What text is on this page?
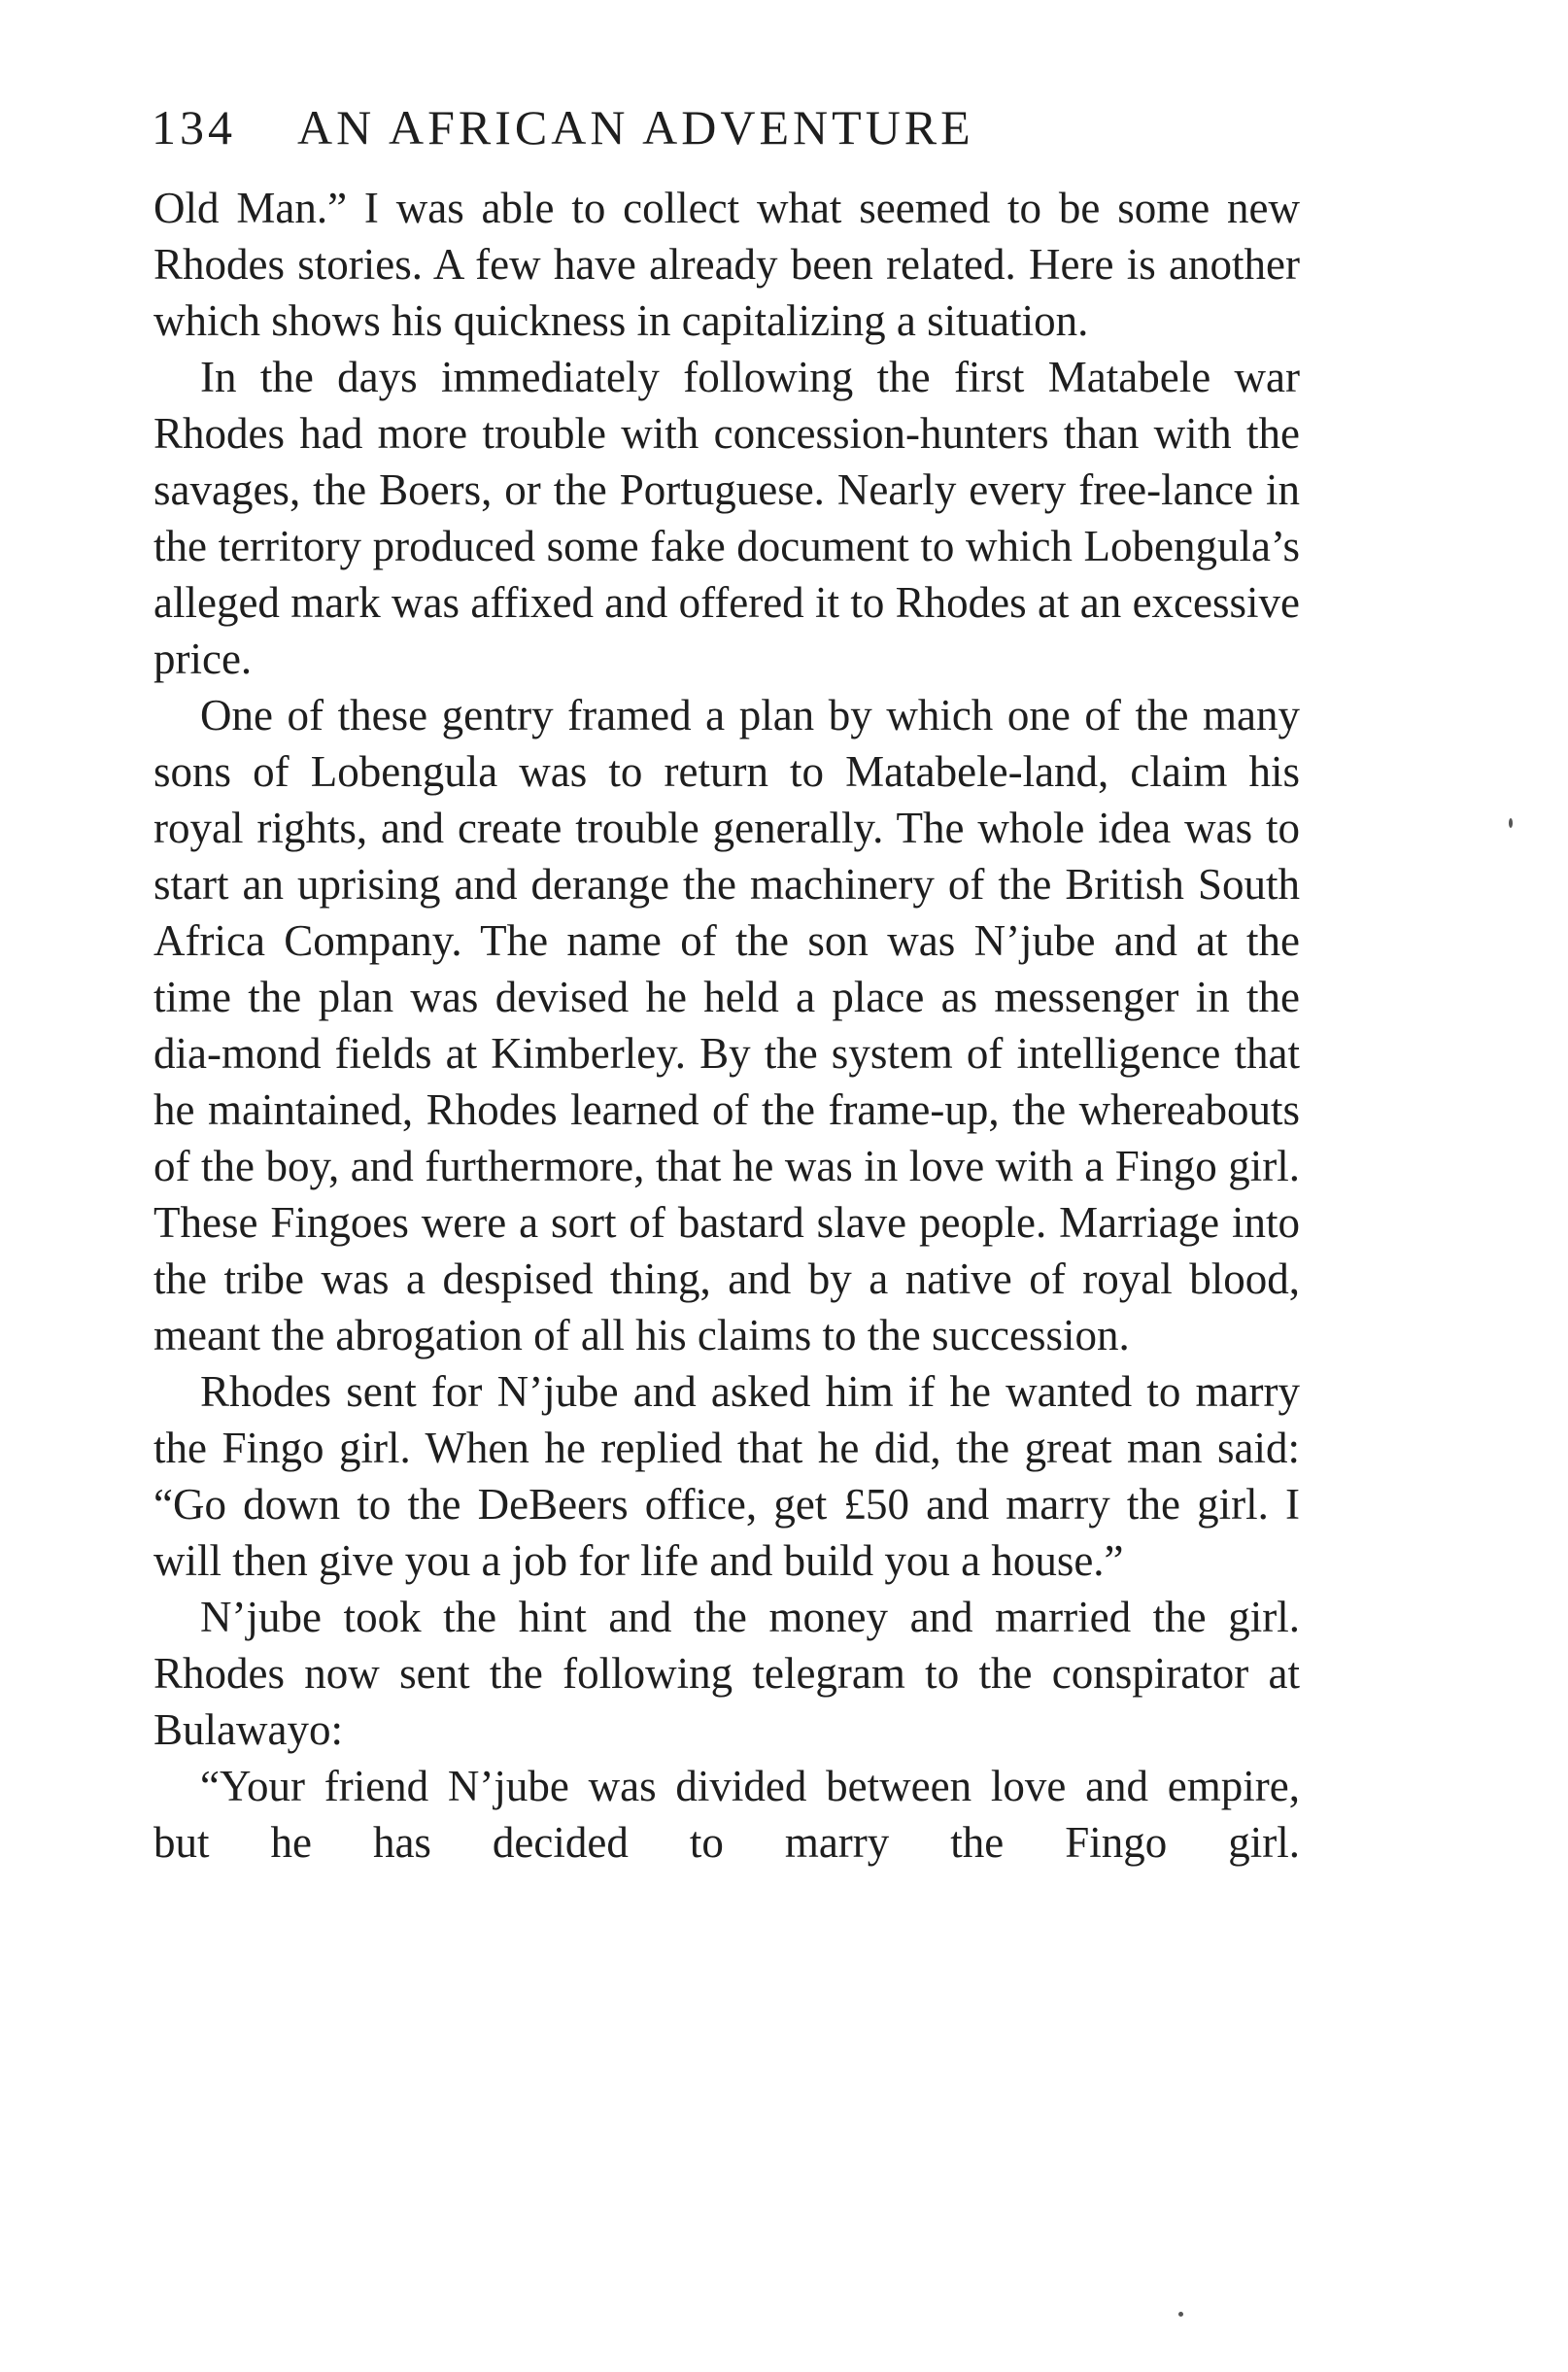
134 AN AFRICAN ADVENTURE

Old Man.” I was able to collect what seemed to be some new Rhodes stories. A few have already been related. Here is another which shows his quickness in capitalizing a situation.

In the days immediately following the first Matabele war Rhodes had more trouble with concession-hunters than with the savages, the Boers, or the Portuguese. Nearly every free-lance in the territory produced some fake document to which Lobengula’s alleged mark was affixed and offered it to Rhodes at an excessive price.

One of these gentry framed a plan by which one of the many sons of Lobengula was to return to Matabele-land, claim his royal rights, and create trouble generally. The whole idea was to start an uprising and derange the machinery of the British South Africa Company. The name of the son was N’jube and at the time the plan was devised he held a place as messenger in the dia-mond fields at Kimberley. By the system of intelligence that he maintained, Rhodes learned of the frame-up, the whereabouts of the boy, and furthermore, that he was in love with a Fingo girl. These Fingoes were a sort of bastard slave people. Marriage into the tribe was a despised thing, and by a native of royal blood, meant the abrogation of all his claims to the succession.

Rhodes sent for N’jube and asked him if he wanted to marry the Fingo girl. When he replied that he did, the great man said: “Go down to the DeBeers office, get £50 and marry the girl. I will then give you a job for life and build you a house.”

N’jube took the hint and the money and married the girl. Rhodes now sent the following telegram to the conspirator at Bulawayo:

“Your friend N’jube was divided between love and empire, but he has decided to marry the Fingo girl.
